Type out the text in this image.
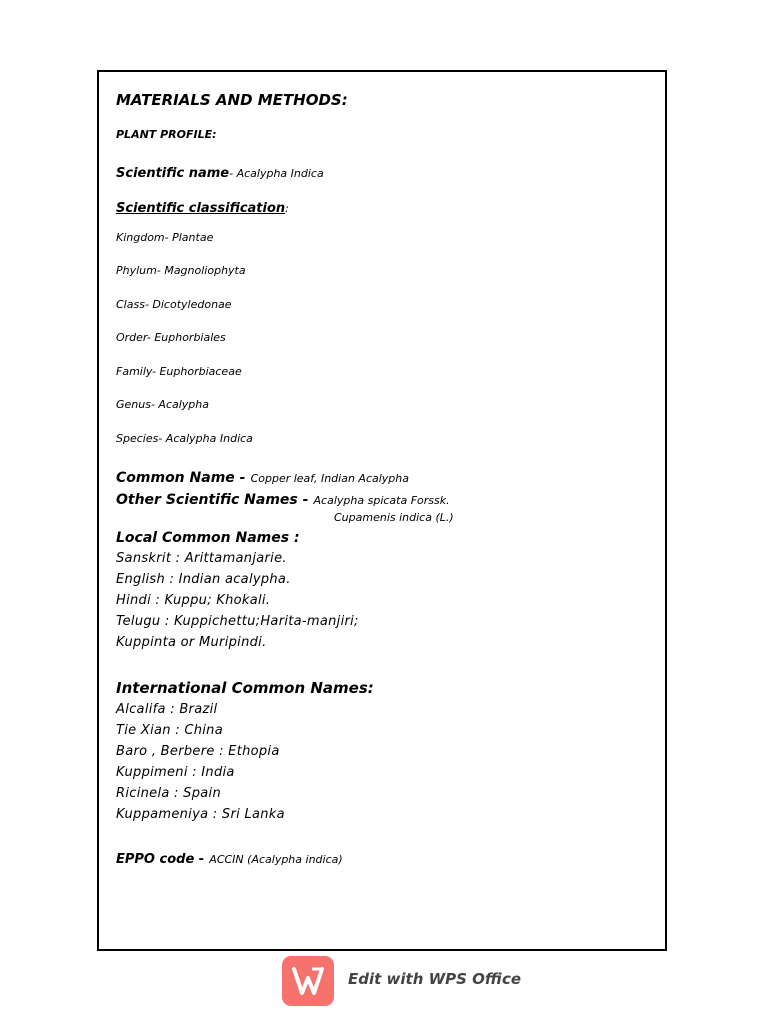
MATERIALS AND METHODS:
PLANT PROFILE:
Scientific name- Acalypha Indica
Scientific classification:
Kingdom- Plantae
Phylum- Magnoliophyta
Class- Dicotyledonae
Order- Euphorbiales
Family- Euphorbiaceae
Genus- Acalypha
Species- Acalypha Indica
Common Name - Copper leaf, Indian Acalypha
Other Scientific Names - Acalypha spicata Forssk.
Cupamenis indica (L.)
Local Common Names :
Sanskrit : Arittamanjarie.
English : Indian acalypha.
Hindi : Kuppu; Khokali.
Telugu : Kuppichettu;Harita-manjiri;
Kuppinta or Muripindi.
International Common Names:
Alcalifa : Brazil
Tie Xian : China
Baro , Berbere : Ethopia
Kuppimeni : India
Ricinela : Spain
Kuppameniya : Sri Lanka
EPPO code - ACCIN (Acalypha indica)
Edit with WPS Office
